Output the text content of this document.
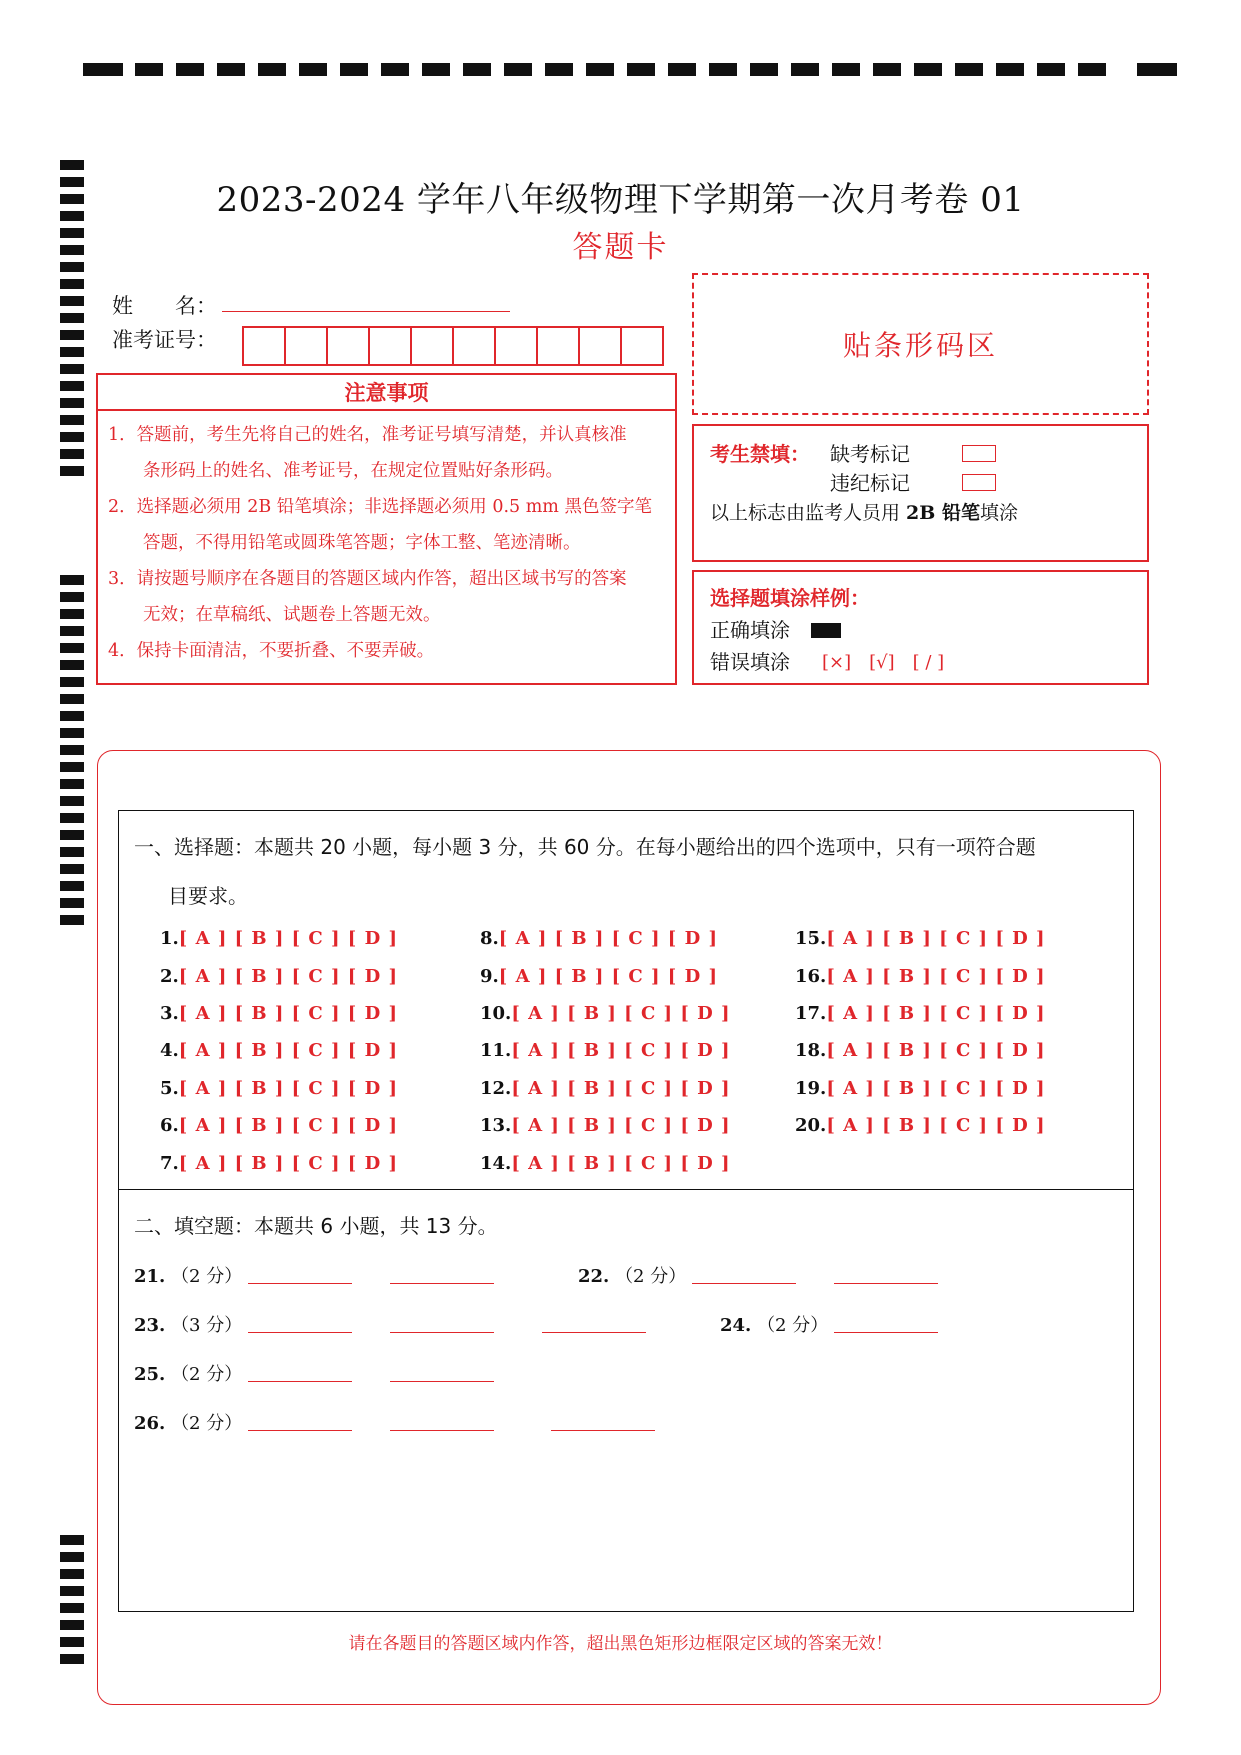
2023-2024 学年八年级物理下学期第一次月考卷 01
答题卡
姓　　名：
准考证号：	贴条形码区
注意事项

1．答题前，考生先将自己的姓名，准考证号填写清楚，并认真核准

　　条形码上的姓名、准考证号，在规定位置贴好条形码。

2．选择题必须用 2B 铅笔填涂；非选择题必须用 0.5 mm 黑色签字笔

　　答题，不得用铅笔或圆珠笔答题；字体工整、笔迹清晰。

3．请按题号顺序在各题目的答题区域内作答，超出区域书写的答案

　　无效；在草稿纸、试题卷上答题无效。

4．保持卡面清洁，不要折叠、不要弄破。

考生禁填： 缺考标记
违纪标记
以上标志由监考人员用 2B 铅笔填涂
选择题填涂样例：
正确填涂
错误填涂 [×]　[√]　[ / ]
一、选择题：本题共 20 小题，每小题 3 分，共 60 分。在每小题给出的四个选项中，只有一项符合题
目要求。
1.[ A ] [ B ] [ C ] [ D ]
2.[ A ] [ B ] [ C ] [ D ]
3.[ A ] [ B ] [ C ] [ D ]
4.[ A ] [ B ] [ C ] [ D ]
5.[ A ] [ B ] [ C ] [ D ]
6.[ A ] [ B ] [ C ] [ D ]
7.[ A ] [ B ] [ C ] [ D ]
8.[ A ] [ B ] [ C ] [ D ]
9.[ A ] [ B ] [ C ] [ D ]
10.[ A ] [ B ] [ C ] [ D ]
11.[ A ] [ B ] [ C ] [ D ]
12.[ A ] [ B ] [ C ] [ D ]
13.[ A ] [ B ] [ C ] [ D ]
14.[ A ] [ B ] [ C ] [ D ]
15.[ A ] [ B ] [ C ] [ D ]
16.[ A ] [ B ] [ C ] [ D ]
17.[ A ] [ B ] [ C ] [ D ]
18.[ A ] [ B ] [ C ] [ D ]
19.[ A ] [ B ] [ C ] [ D ]
20.[ A ] [ B ] [ C ] [ D ]
二、填空题：本题共 6 小题，共 13 分。
21. （2 分）	22. （2 分）
23. （3 分）	24. （2 分）
25. （2 分）
26. （2 分）
请在各题目的答题区域内作答，超出黑色矩形边框限定区域的答案无效！
